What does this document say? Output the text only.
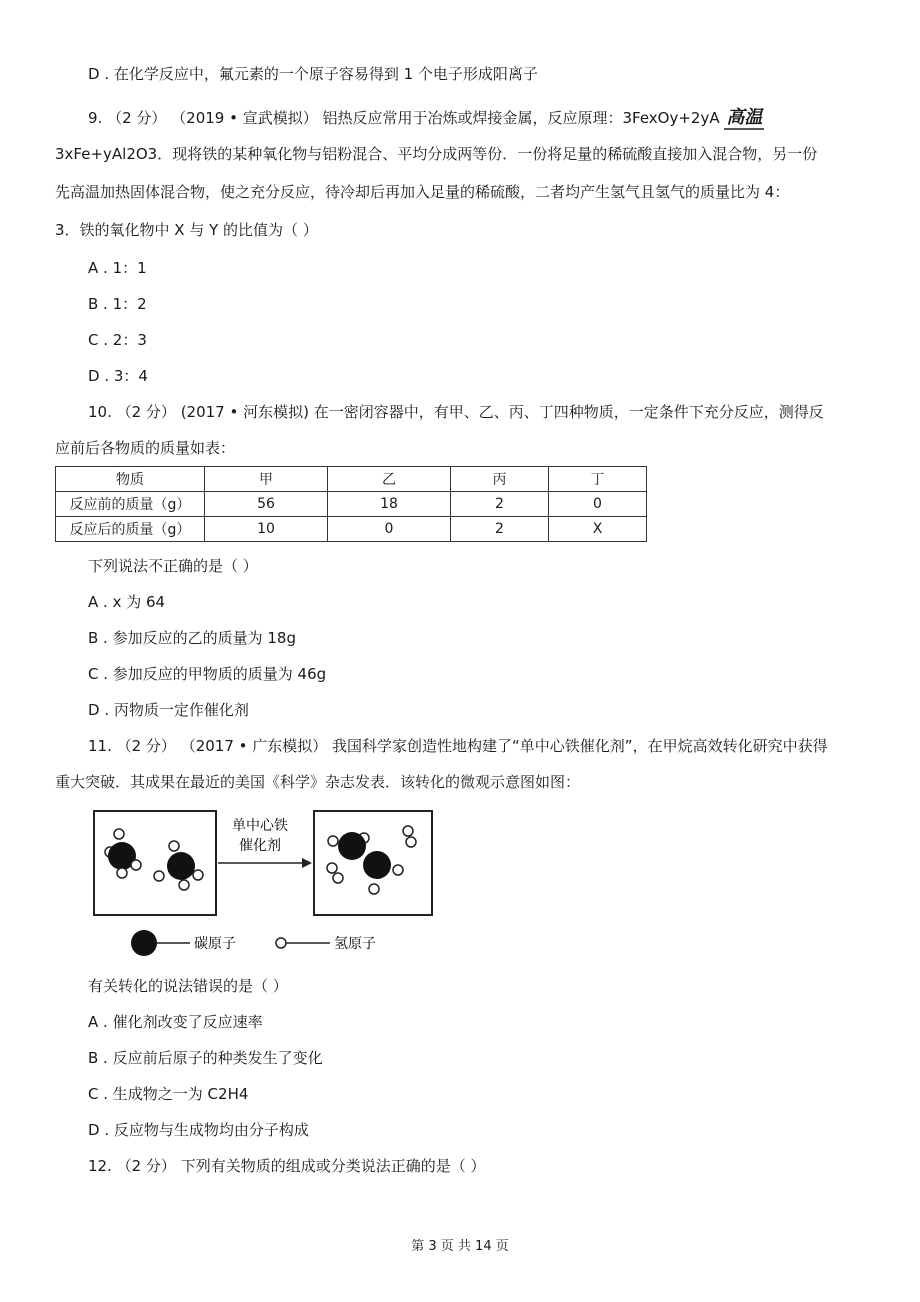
D . 在化学反应中，氟元素的一个原子容易得到 1 个电子形成阳离子
9. （2 分） （2019 • 宣武模拟） 铝热反应常用于冶炼或焊接金属，反应原理：3FexOy+2yA 高温
3xFe+yAl2O3．现将铁的某种氧化物与铝粉混合、平均分成两等份．一份将足量的稀硫酸直接加入混合物，另一份
先高温加热固体混合物，使之充分反应，待冷却后再加入足量的稀硫酸，二者均产生氢气且氢气的质量比为 4：
3．铁的氧化物中 X 与 Y 的比值为（ ）
A . 1：1
B . 1：2
C . 2：3
D . 3：4
10. （2 分） (2017 • 河东模拟) 在一密闭容器中，有甲、乙、丙、丁四种物质，一定条件下充分反应，测得反
应前后各物质的质量如表：
物质	甲	乙	丙	丁
反应前的质量（g）	56	18	2	0
反应后的质量（g）	10	0	2	X
下列说法不正确的是（ ）
A . x 为 64
B . 参加反应的乙的质量为 18g
C . 参加反应的甲物质的质量为 46g
D . 丙物质一定作催化剂
11. （2 分） （2017 • 广东模拟） 我国科学家创造性地构建了“单中心铁催化剂”，在甲烷高效转化研究中获得
重大突破．其成果在最近的美国《科学》杂志发表．该转化的微观示意图如图：
单中心铁
催化剂
碳原子	氢原子
有关转化的说法错误的是（ ）
A . 催化剂改变了反应速率
B . 反应前后原子的种类发生了变化
C . 生成物之一为 C2H4
D . 反应物与生成物均由分子构成
12. （2 分） 下列有关物质的组成或分类说法正确的是（ ）
第 3 页 共 14 页
